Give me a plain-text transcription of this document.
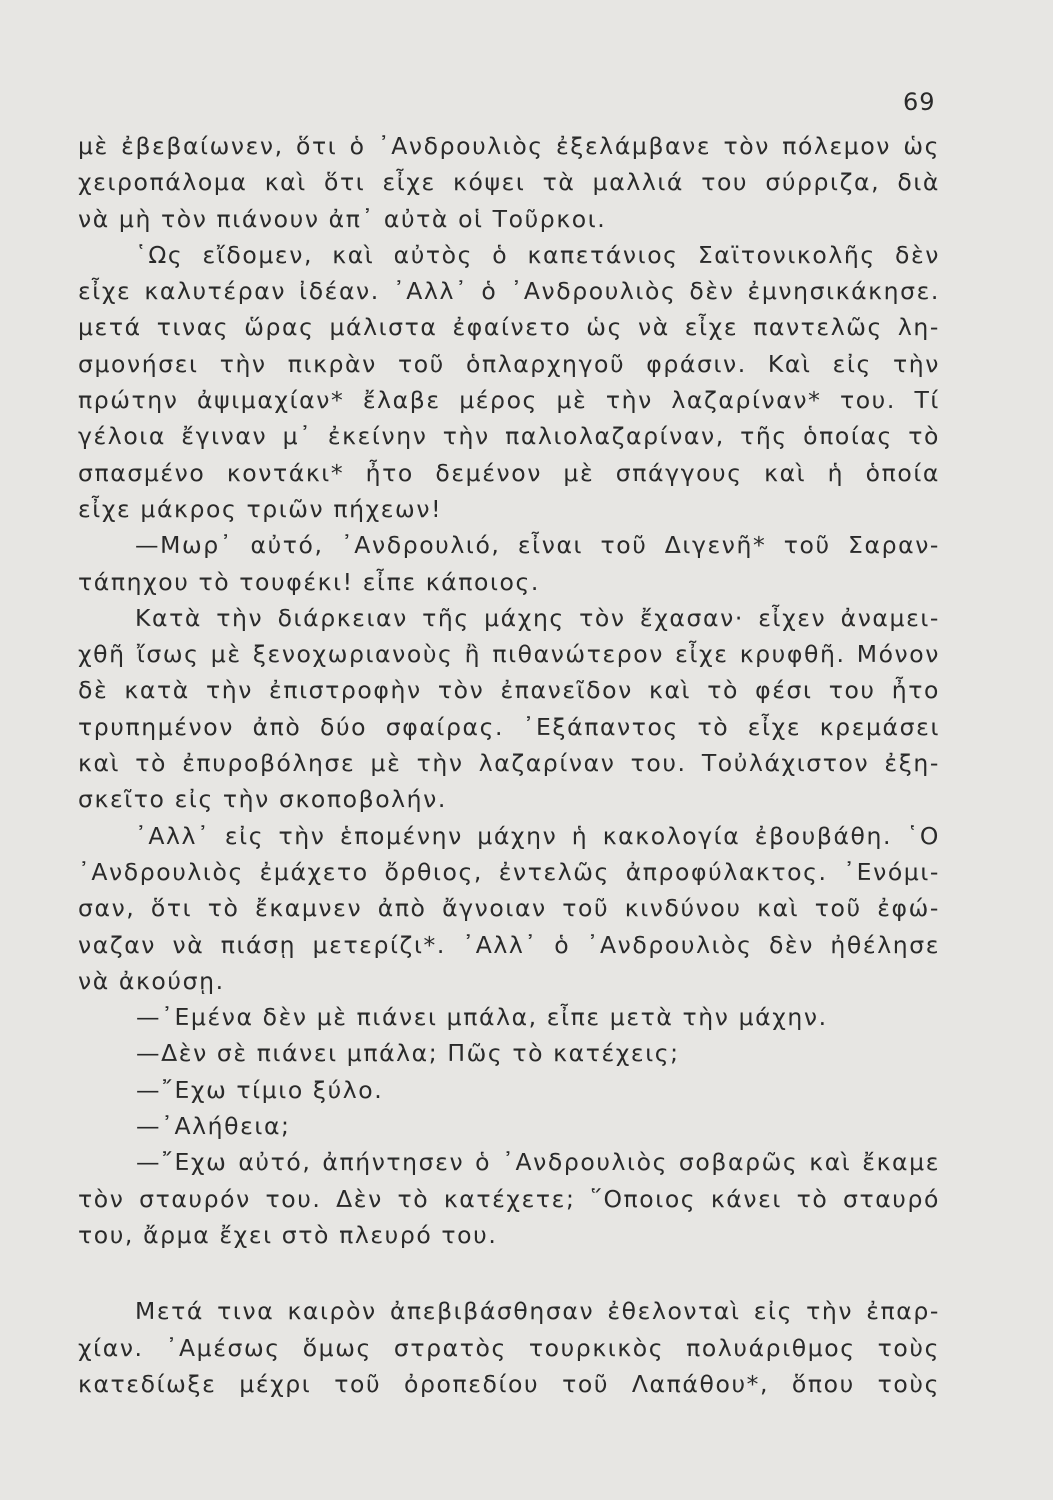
69
μὲ ἐβεβαίωνεν, ὅτι ὁ ᾿Ανδρουλιὸς ἐξελάμβανε τὸν πόλεμον ὡς
χειροπάλομα καὶ ὅτι εἶχε κόψει τὰ μαλλιά του σύρριζα, διὰ
νὰ μὴ τὸν πιάνουν ἀπ᾿ αὐτὰ οἱ Τοῦρκοι.
῾Ως εἴδομεν, καὶ αὐτὸς ὁ καπετάνιος Σαϊτονικολῆς δὲν
εἶχε καλυτέραν ἰδέαν. ᾿Αλλ᾿ ὁ ᾿Ανδρουλιὸς δὲν ἐμνησικάκησε.
μετά τινας ὥρας μάλιστα ἐφαίνετο ὡς νὰ εἶχε παντελῶς λη-
σμονήσει τὴν πικρὰν τοῦ ὁπλαρχηγοῦ φράσιν. Καὶ εἰς τὴν
πρώτην ἀψιμαχίαν* ἔλαβε μέρος μὲ τὴν λαζαρίναν* του. Τί
γέλοια ἔγιναν μ᾿ ἐκείνην τὴν παλιολαζαρίναν, τῆς ὁποίας τὸ
σπασμένο κοντάκι* ἦτο δεμένον μὲ σπάγγους καὶ ἡ ὁποία
εἶχε μάκρος τριῶν πήχεων!
—Μωρ᾿ αὐτό, ᾿Ανδρουλιό, εἶναι τοῦ Διγενῆ* τοῦ Σαραν-
τάπηχου τὸ τουφέκι! εἶπε κάποιος.
Κατὰ τὴν διάρκειαν τῆς μάχης τὸν ἔχασαν· εἶχεν ἀναμει-
χθῆ ἴσως μὲ ξενοχωριανοὺς ἢ πιθανώτερον εἶχε κρυφθῆ. Μόνον
δὲ κατὰ τὴν ἐπιστροφὴν τὸν ἐπανεῖδον καὶ τὸ φέσι του ἦτο
τρυπημένον ἀπὸ δύο σφαίρας. ᾿Εξάπαντος τὸ εἶχε κρεμάσει
καὶ τὸ ἐπυροβόλησε μὲ τὴν λαζαρίναν του. Τοὐλάχιστον ἐξη-
σκεῖτο εἰς τὴν σκοποβολήν.
᾿Αλλ᾿ εἰς τὴν ἑπομένην μάχην ἡ κακολογία ἐβουβάθη. ῾Ο
᾿Ανδρουλιὸς ἐμάχετο ὄρθιος, ἐντελῶς ἀπροφύλακτος. ᾿Ενόμι-
σαν, ὅτι τὸ ἔκαμνεν ἀπὸ ἄγνοιαν τοῦ κινδύνου καὶ τοῦ ἐφώ-
ναζαν νὰ πιάσῃ μετερίζι*. ᾿Αλλ᾿ ὁ ᾿Ανδρουλιὸς δὲν ἠθέλησε
νὰ ἀκούσῃ.
—᾿Εμένα δὲν μὲ πιάνει μπάλα, εἶπε μετὰ τὴν μάχην.
—Δὲν σὲ πιάνει μπάλα; Πῶς τὸ κατέχεις;
—῎Εχω τίμιο ξύλο.
—᾿Αλήθεια;
—῎Εχω αὐτό, ἀπήντησεν ὁ ᾿Ανδρουλιὸς σοβαρῶς καὶ ἔκαμε
τὸν σταυρόν του. Δὲν τὸ κατέχετε; ῞Οποιος κάνει τὸ σταυρό
του, ἄρμα ἔχει στὸ πλευρό του.
Μετά τινα καιρὸν ἀπεβιβάσθησαν ἐθελονταὶ εἰς τὴν ἐπαρ-
χίαν. ᾿Αμέσως ὅμως στρατὸς τουρκικὸς πολυάριθμος τοὺς
κατεδίωξε μέχρι τοῦ ὀροπεδίου τοῦ Λαπάθου*, ὅπου τοὺς
